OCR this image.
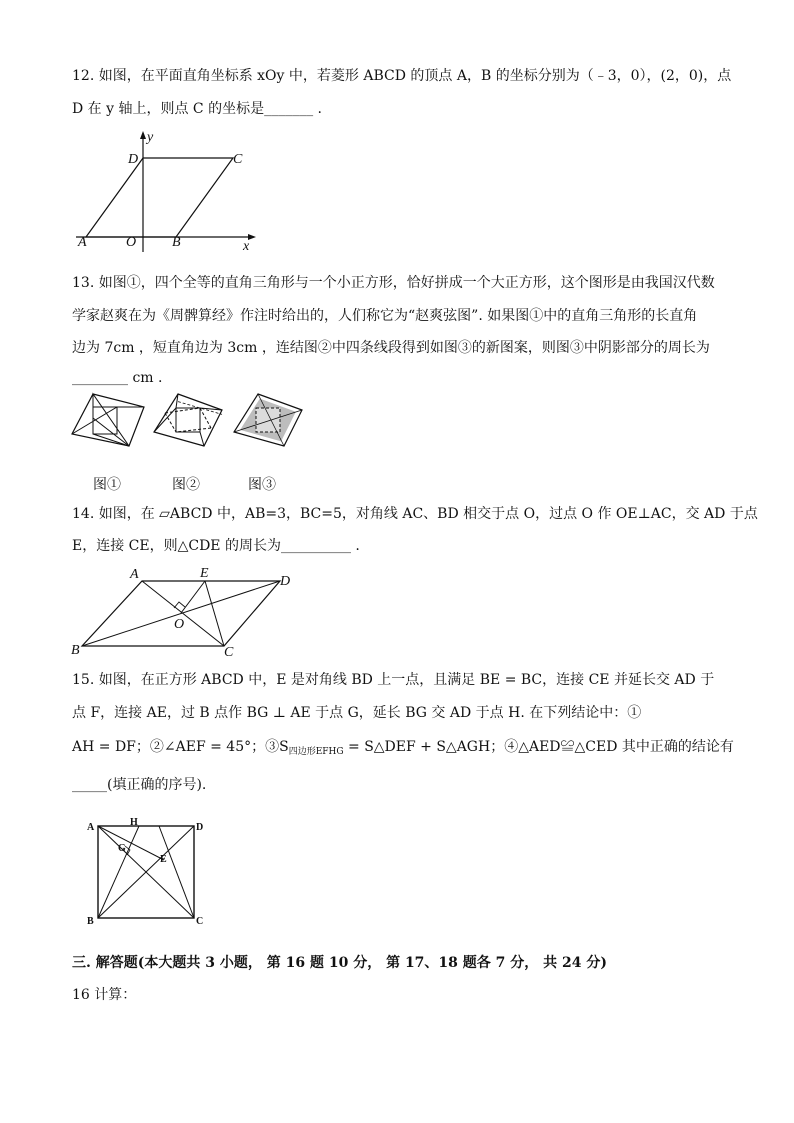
12. 如图，在平面直角坐标系 xOy 中，若菱形 ABCD 的顶点 A，B 的坐标分别为（﹣3，0），(2，0)，点
D 在 y 轴上，则点 C 的坐标是_______ .
y
x
D	C
A	O	B
13. 如图①，四个全等的直角三角形与一个小正方形，恰好拼成一个大正方形，这个图形是由我国汉代数
学家赵爽在为《周髀算经》作注时给出的，人们称它为“赵爽弦图”. 如果图①中的直角三角形的长直角
边为 7cm ，短直角边为 3cm ，连结图②中四条线段得到如图③的新图案，则图③中阴影部分的周长为
________ cm .
图①	图②	图③
14. 如图，在 ▱ABCD 中，AB=3，BC=5，对角线 AC、BD 相交于点 O，过点 O 作 OE⊥AC，交 AD 于点
E，连接 CE，则△CDE 的周长为__________ .
A	E
D
O
B	C
15. 如图，在正方形 ABCD 中，E 是对角线 BD 上一点，且满足 BE = BC，连接 CE 并延长交 AD 于
点 F，连接 AE，过 B 点作 BG ⊥ AE 于点 G，延长 BG 交 AD 于点 H. 在下列结论中：①
AH = DF；②∠AEF = 45°；$③S_{四边形EFHG}$ = S△DEF + S△AGH；④△AED≌△CED 其中正确的结论有
_____(填正确的序号).
A	H	D
G
E
B	C
三. 解答题(本大题共 3 小题， 第 16 题 10 分， 第 17、18 题各 7 分， 共 24 分)
16 计算：
